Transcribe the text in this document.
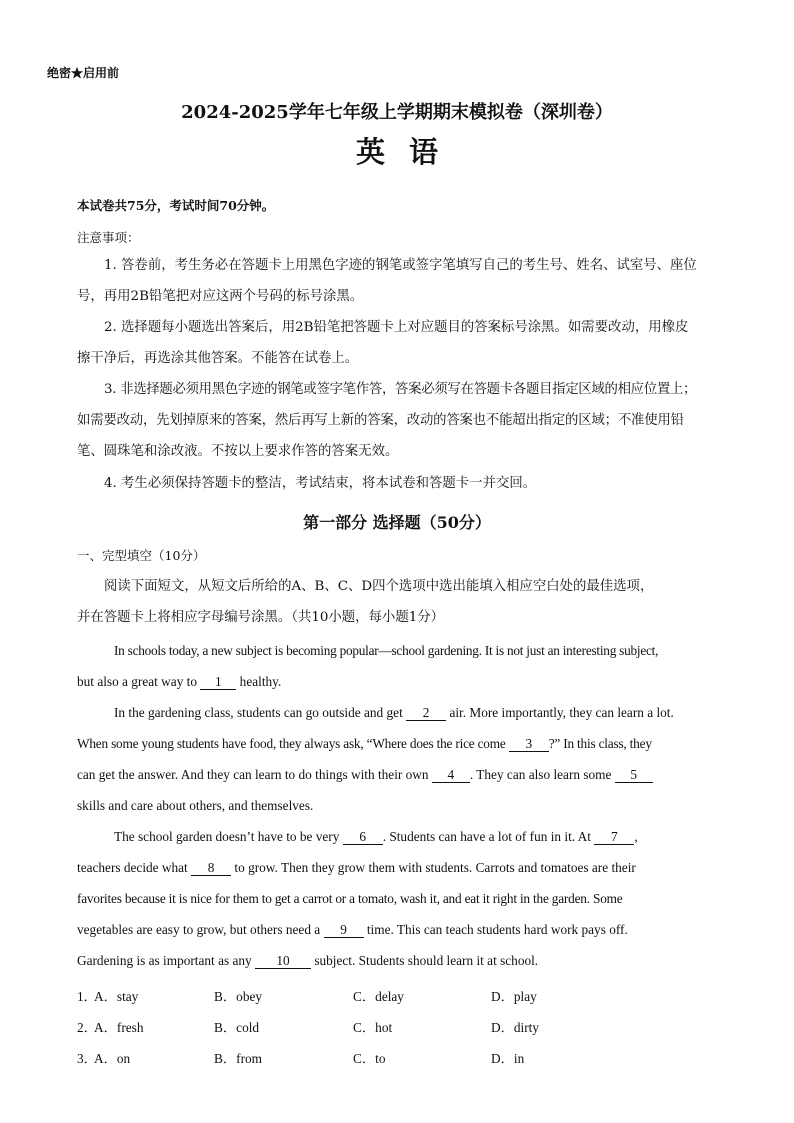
绝密★启用前
2024-2025学年七年级上学期期末模拟卷（深圳卷）
英语
本试卷共75分，考试时间70分钟。
注意事项：
1. 答卷前，考生务必在答题卡上用黑色字迹的钢笔或签字笔填写自己的考生号、姓名、试室号、座位
号，再用2B铅笔把对应这两个号码的标号涂黑。
2. 选择题每小题选出答案后，用2B铅笔把答题卡上对应题目的答案标号涂黑。如需要改动，用橡皮
擦干净后，再选涂其他答案。不能答在试卷上。
3. 非选择题必须用黑色字迹的钢笔或签字笔作答，答案必须写在答题卡各题目指定区域的相应位置上；
如需要改动，先划掉原来的答案，然后再写上新的答案，改动的答案也不能超出指定的区域；不准使用铅
笔、圆珠笔和涂改液。不按以上要求作答的答案无效。
4. 考生必须保持答题卡的整洁，考试结束，将本试卷和答题卡一并交回。
第一部分 选择题（50分）
一、完型填空（10分）
阅读下面短文，从短文后所给的A、B、C、D四个选项中选出能填入相应空白处的最佳选项，
并在答题卡上将相应字母编号涂黑。（共10小题，每小题1分）
In schools today, a new subject is becoming popular—school gardening. It is not just an interesting subject,
but also a great way to 1 healthy.
In the gardening class, students can go outside and get 2 air. More importantly, they can learn a lot.
When some young students have food, they always ask, “Where does the rice come 3 ?” In this class, they
can get the answer. And they can learn to do things with their own 4 . They can also learn some 5
skills and care about others, and themselves.
The school garden doesn’t have to be very 6 . Students can have a lot of fun in it. At 7 ,
teachers decide what 8 to grow. Then they grow them with students. Carrots and tomatoes are their
favorites because it is nice for them to get a carrot or a tomato, wash it, and eat it right in the garden. Some
vegetables are easy to grow, but others need a 9 time. This can teach students hard work pays off.
Gardening is as important as any 10 subject. Students should learn it at school.
1．
A．stay	B．obey	C．delay	D．play
2．
A．fresh	B．cold	C．hot	D．dirty
3．
A．on	B．from	C．to	D．in
